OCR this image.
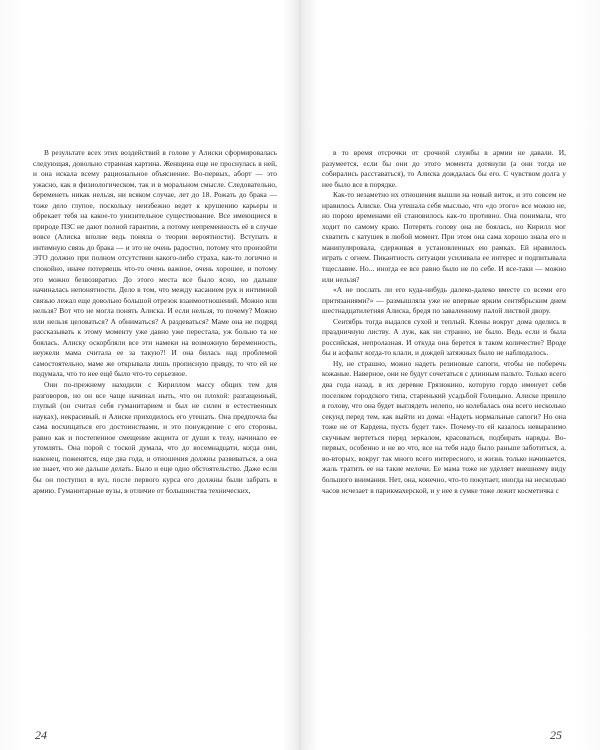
В результате всех этих воздействий в голове у Алиски сформировалась следующая, довольно странная картина. Женщина еще не проснулась в ней, и она искала всему рациональное объяснение. Во-первых, аборт — это ужасно, как в физиологическом, так и в моральном смысле. Следовательно, беременеть никак нельзя, ни всяком случае, лет до 18. Рожать до брака — тоже дело глупое, поскольку неизбежно ведет к крушению карьеры и обрекает тебя на какое-то унизительное существование. Все имеющиеся в природе ПЗС не дают полной гарантии, а потому непременность её в случае вовсе (Алиска вполне ведь поняла о теории вероятности). Вступать в интимную связь до брака — и это не очень радостно, потому что произойти ЭТО должно при полном отсутствии какого-либо страха, как-то логично и спокойно, иначе потеряешь что-то очень важное, очень хорошее, и потому это можно безвозвратно. До этого места все было ясно, но дальше начиналась непонятности. Дело в том, что между касанием рук и интимной связью лежал еще довольно большой отрезок взаимоотношений. Можно или нельзя? Вот что не могла понять Алиска. И если нельзя, то почему? Можно или нельзя целоваться? А обниматься? А раздеваться? Маме она не подряд рассказывать к этому моменту уже давно уже перестала, уж больно та не боялась. Алиску оскорбляли все эти намеки на возможную беременность, неужели мама считала ее за такую?! И она билась над проблемой самостоятельно, маме же открывала лишь прописную правду, то что ей не подумала, что то нее ещё было что-то серьезное.

Они по-прежнему находили с Кириллом массу общих тем для разговоров, но он все чаще начинал ныть, что он плохой: разгащенный, глупый (он считал себя гуманитарием и был не силен в естественных науках), некрасивый, и Алиске приходилось его утешать. Она предпочла бы сама восхищаться его достоинствами, и это понуждение с его стороны, равно как и постепенное смещение акцента от души к телу, начинало ее утомлять. Она порой с тоской думала, что до восемнадцати, когда они, наконец, поженятся, еще два года, и отношения должны развиваться, а она не знает, что же дальше делать. Было и еще одно обстоятельство. Даже если бы он поступил в вуз, после первого курса его должны были забрать в армию. Гуманитарные вузы, в отличие от большинства технических,

24

в то время отсрочки от срочной службы в армии не давали. И, разумеется, если бы они до этого момента дотянули (а они тогда не собирались расставаться), то Алиска дождалась бы его. С чувством долга у нее было все в порядке.

Как-то незаметно их отношения вышли на новый виток, и это совсем не нравилось Алиске. Она утешала себя мыслью, что «до этого» все можно не, но порою временами ей становилось как-то противно. Она понимала, что ходит по самому краю. Потерять голову она не боялась, но Кирилл мог схватить с катушек в любой момент. При этом она сама хорошо знала его и манипулировала, сдерживая в установленных ею рамках. Ей нравилось играть с огнем. Пикантность ситуации усиливала ее интерес и подпитывала тщеславие. Но... иногда ее все равно было не по себе. И все-таки — можно или нельзя?

«А не послать ли его куда-нибудь далеко-далеко вместе со всеми его притязаниями?» — размышляла уже не впервые ярким сентябрьским днем шестнадцатилетняя Алиска, бредя по заваленному палой листвой двору.

Сентябрь тогда выдался сухой и теплый. Клены вокруг дома оделись в праздничную листву. А луж, как ни странно, не было. Ведь если и была российская, непролазная. И откуда она берется в таком количестве? Вроде бы и асфальт когда-то клали, и дождей затяжных было не наблюдалось.

Ну, не страшно, можно надеть резиновые сапоги, чтобы не поберечь кожаные. Наверное, они не будут сочетаться с длинным пальто. Только всего два года назад, в их деревне Грязюкино, которую гордо именует себя поселком городского типа, старенький усадьбой Голицыно. Алиске пришло в голову, что она будет выглядеть нелепо, но колебалась она всего несколько секунд перед тем, как выйти из дома: «Надеть нормальные сапоги? Но она тоже не от Кардена, пусть будет так». Почему-то ей казалось невыразимо скучным вертеться перед зеркалом, красоваться, подбирать наряды. Во-первых, особенно и не во что, все на тебя надо было раньше заботиться, а, во-вторых, вокруг так много всего интересного, и жизнь только начинается, жаль тратить ее на такие мелочи. Ее мама тоже не уделяет внешнему виду большого внимания. Нет, она, конечно, что-то покупает, иногда на несколько часов исчезает в парикмахерской, и у нее в сумке тоже лежит косметичка с

25
